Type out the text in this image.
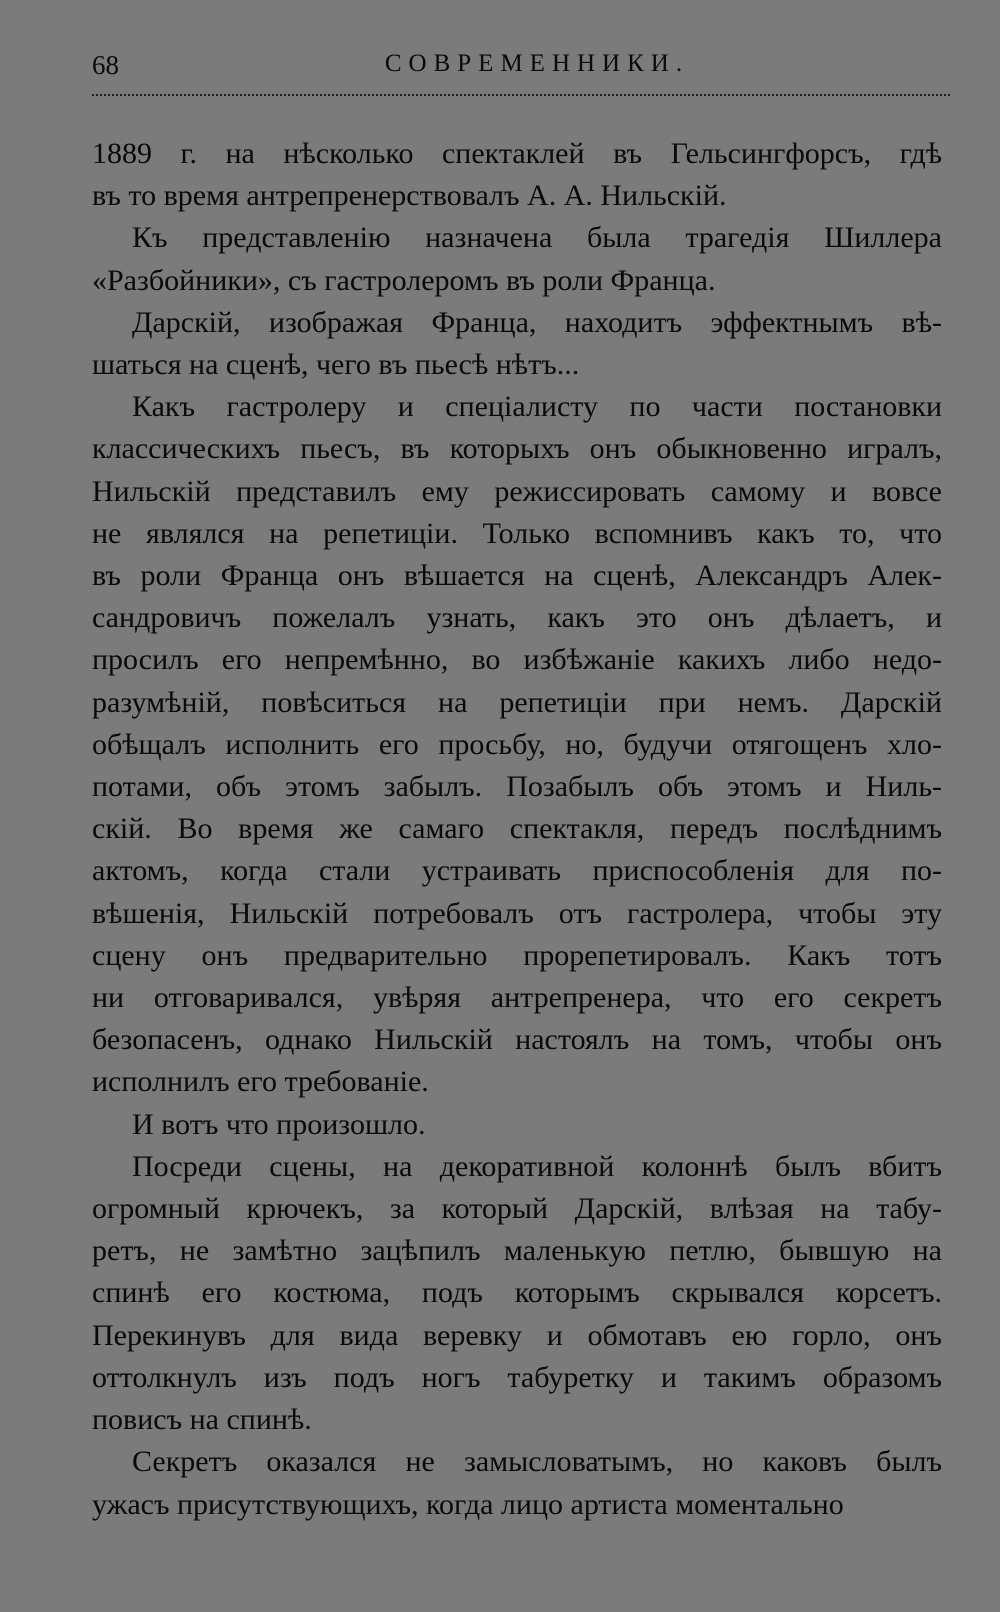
68	СОВРЕМЕННИКИ.

1889 г. на нѣсколько спектаклей въ Гельсингфорсъ, гдѣ
въ то время антрепренерствовалъ А. А. Нильскій.

Къ представленію назначена была трагедія Шиллера
«Разбойники», съ гастролеромъ въ роли Франца.

Дарскій, изображая Франца, находитъ эффектнымъ вѣ-
шаться на сценѣ, чего въ пьесѣ нѣтъ...

Какъ гастролеру и спеціалисту по части постановки
классическихъ пьесъ, въ которыхъ онъ обыкновенно игралъ,
Нильскій представилъ ему режиссировать самому и вовсе
не являлся на репетиціи. Только вспомнивъ какъ то, что
въ роли Франца онъ вѣшается на сценѣ, Александръ Алек-
сандровичъ пожелалъ узнать, какъ это онъ дѣлаетъ, и
просилъ его непремѣнно, во избѣжаніе какихъ либо недо-
разумѣній, повѣситься на репетиціи при немъ. Дарскій
обѣщалъ исполнить его просьбу, но, будучи отягощенъ хло-
потами, объ этомъ забылъ. Позабылъ объ этомъ и Ниль-
скій. Во время же самаго спектакля, передъ послѣднимъ
актомъ, когда стали устраивать приспособленія для по-
вѣшенія, Нильскій потребовалъ отъ гастролера, чтобы эту
сцену онъ предварительно прорепетировалъ. Какъ тотъ
ни отговаривался, увѣряя антрепренера, что его секретъ
безопасенъ, однако Нильскій настоялъ на томъ, чтобы онъ
исполнилъ его требованіе.

И вотъ что произошло.

Посреди сцены, на декоративной колоннѣ былъ вбитъ
огромный крючекъ, за который Дарскій, влѣзая на табу-
ретъ, не замѣтно зацѣпилъ маленькую петлю, бывшую на
спинѣ его костюма, подъ которымъ скрывался корсетъ.
Перекинувъ для вида веревку и обмотавъ ею горло, онъ
оттолкнулъ изъ подъ ногъ табуретку и такимъ образомъ
повисъ на спинѣ.

Секретъ оказался не замысловатымъ, но каковъ былъ
ужасъ присутствующихъ, когда лицо артиста моментально
